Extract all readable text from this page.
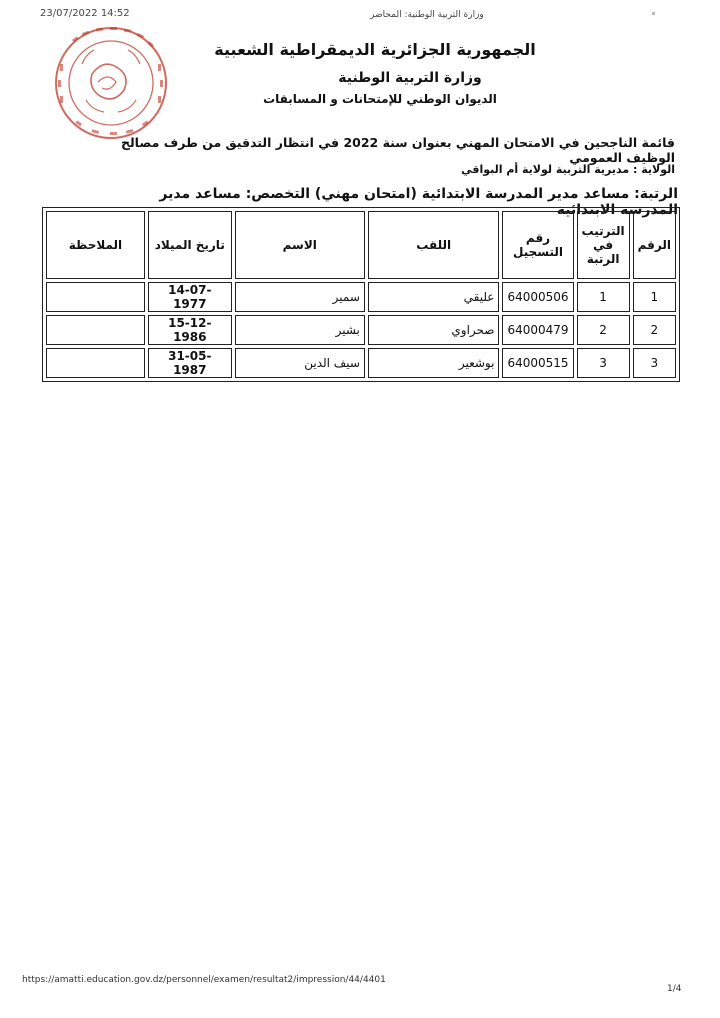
23/07/2022 14:52	وزارة التربية الوطنية: المحاضر
الجمهورية الجزائرية الديمقراطية الشعبية
وزارة التربية الوطنية
الديوان الوطني للإمتحانات و المسابقات
قائمة الناجحين في الامتحان المهني بعنوان سنة 2022 في انتظار التدقيق من طرف مصالح الوظيف العمومي
الولاية : مديرية التربية لولاية أم البواقي
الرتبة: مساعد مدير المدرسة الابتدائية (امتحان مهني) التخصص: مساعد مدير المدرسة الابتدائية
الرقم	الترتيب في الرتبة	رقم التسجيل	اللقب	الاسم	تاريخ الميلاد	الملاحظة
1	1	64000506	عليقي	سمير	14-07-1977	
2	2	64000479	صحراوي	بشير	15-12-1986	
3	3	64000515	بوشعير	سيف الدين	31-05-1987	
https://amatti.education.gov.dz/personnel/examen/resultat2/impression/44/4401
1/4
